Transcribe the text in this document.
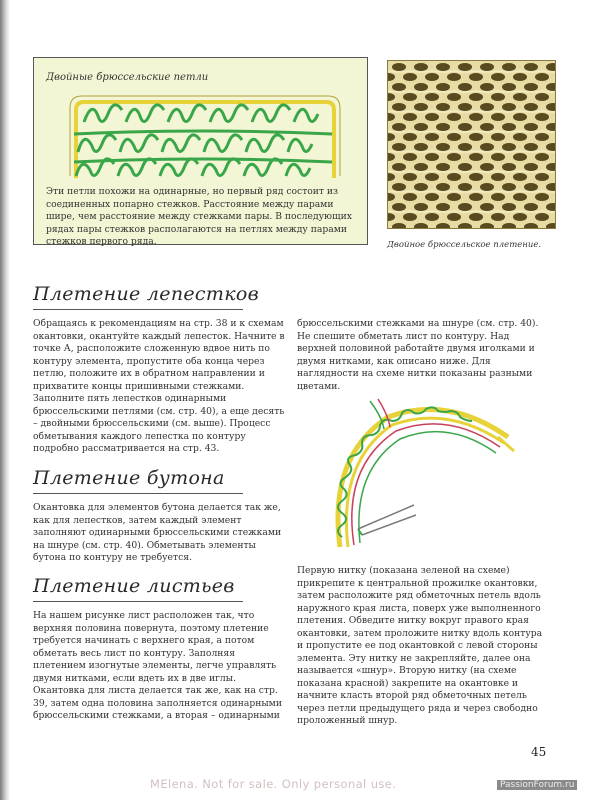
Двойные брюссельские петли
Эти петли похожи на одинарные, но первый ряд состоит из соединенных попарно стежков. Расстояние между парами шире, чем расстояние между стежками пары. В последующих рядах пары стежков располагаются на петлях между парами стежков первого ряда.	Двойное брюссельское плетение.
Плетение лепестков
Обращаясь к рекомендациям на стр. 38 и к схемам окантовки, окантуйте каждый лепесток. Начните в точке А, расположите сложенную вдвое нить по контуру элемента, пропустите оба конца через петлю, положите их в обратном направлении и прихватите концы пришивными стежками. Заполните пять лепестков одинарными брюссельскими петлями (см. стр. 40), а еще десять – двойными брюссельскими (см. выше). Процесс обметывания каждого лепестка по контуру подробно рассматривается на стр. 43.
брюссельскими стежками на шнуре (см. стр. 40). Не спешите обметать лист по контуру. Над верхней половиной работайте двумя иголками и двумя нитками, как описано ниже. Для наглядности на схеме нитки показаны разными цветами.
Плетение бутона
Окантовка для элементов бутона делается так же, как для лепестков, затем каждый элемент заполняют одинарными брюссельскими стежками на шнуре (см. стр. 40). Обметывать элементы бутона по контуру не требуется.
Плетение листьев
На нашем рисунке лист расположен так, что верхняя половина повернута, поэтому плетение требуется начинать с верхнего края, а потом обметать весь лист по контуру. Заполняя плетением изогнутые элементы, легче управлять двумя нитками, если вдеть их в две иглы. Окантовка для листа делается так же, как на стр. 39, затем одна половина заполняется одинарными брюссельскими стежками, а вторая – одинарными
Первую нитку (показана зеленой на схеме) прикрепите к центральной прожилке окантовки, затем расположите ряд обметочных петель вдоль наружного края листа, поверх уже выполненного плетения. Обведите нитку вокруг правого края окантовки, затем проложите нитку вдоль контура и пропустите ее под окантовкой с левой стороны элемента. Эту нитку не закрепляйте, далее она называется «шнур». Вторую нитку (на схеме показана красной) закрепите на окантовке и начните класть второй ряд обметочных петель через петли предыдущего ряда и через свободно проложенный шнур.
45
MElena. Not for sale. Only personal use.	PassionForum.ru
